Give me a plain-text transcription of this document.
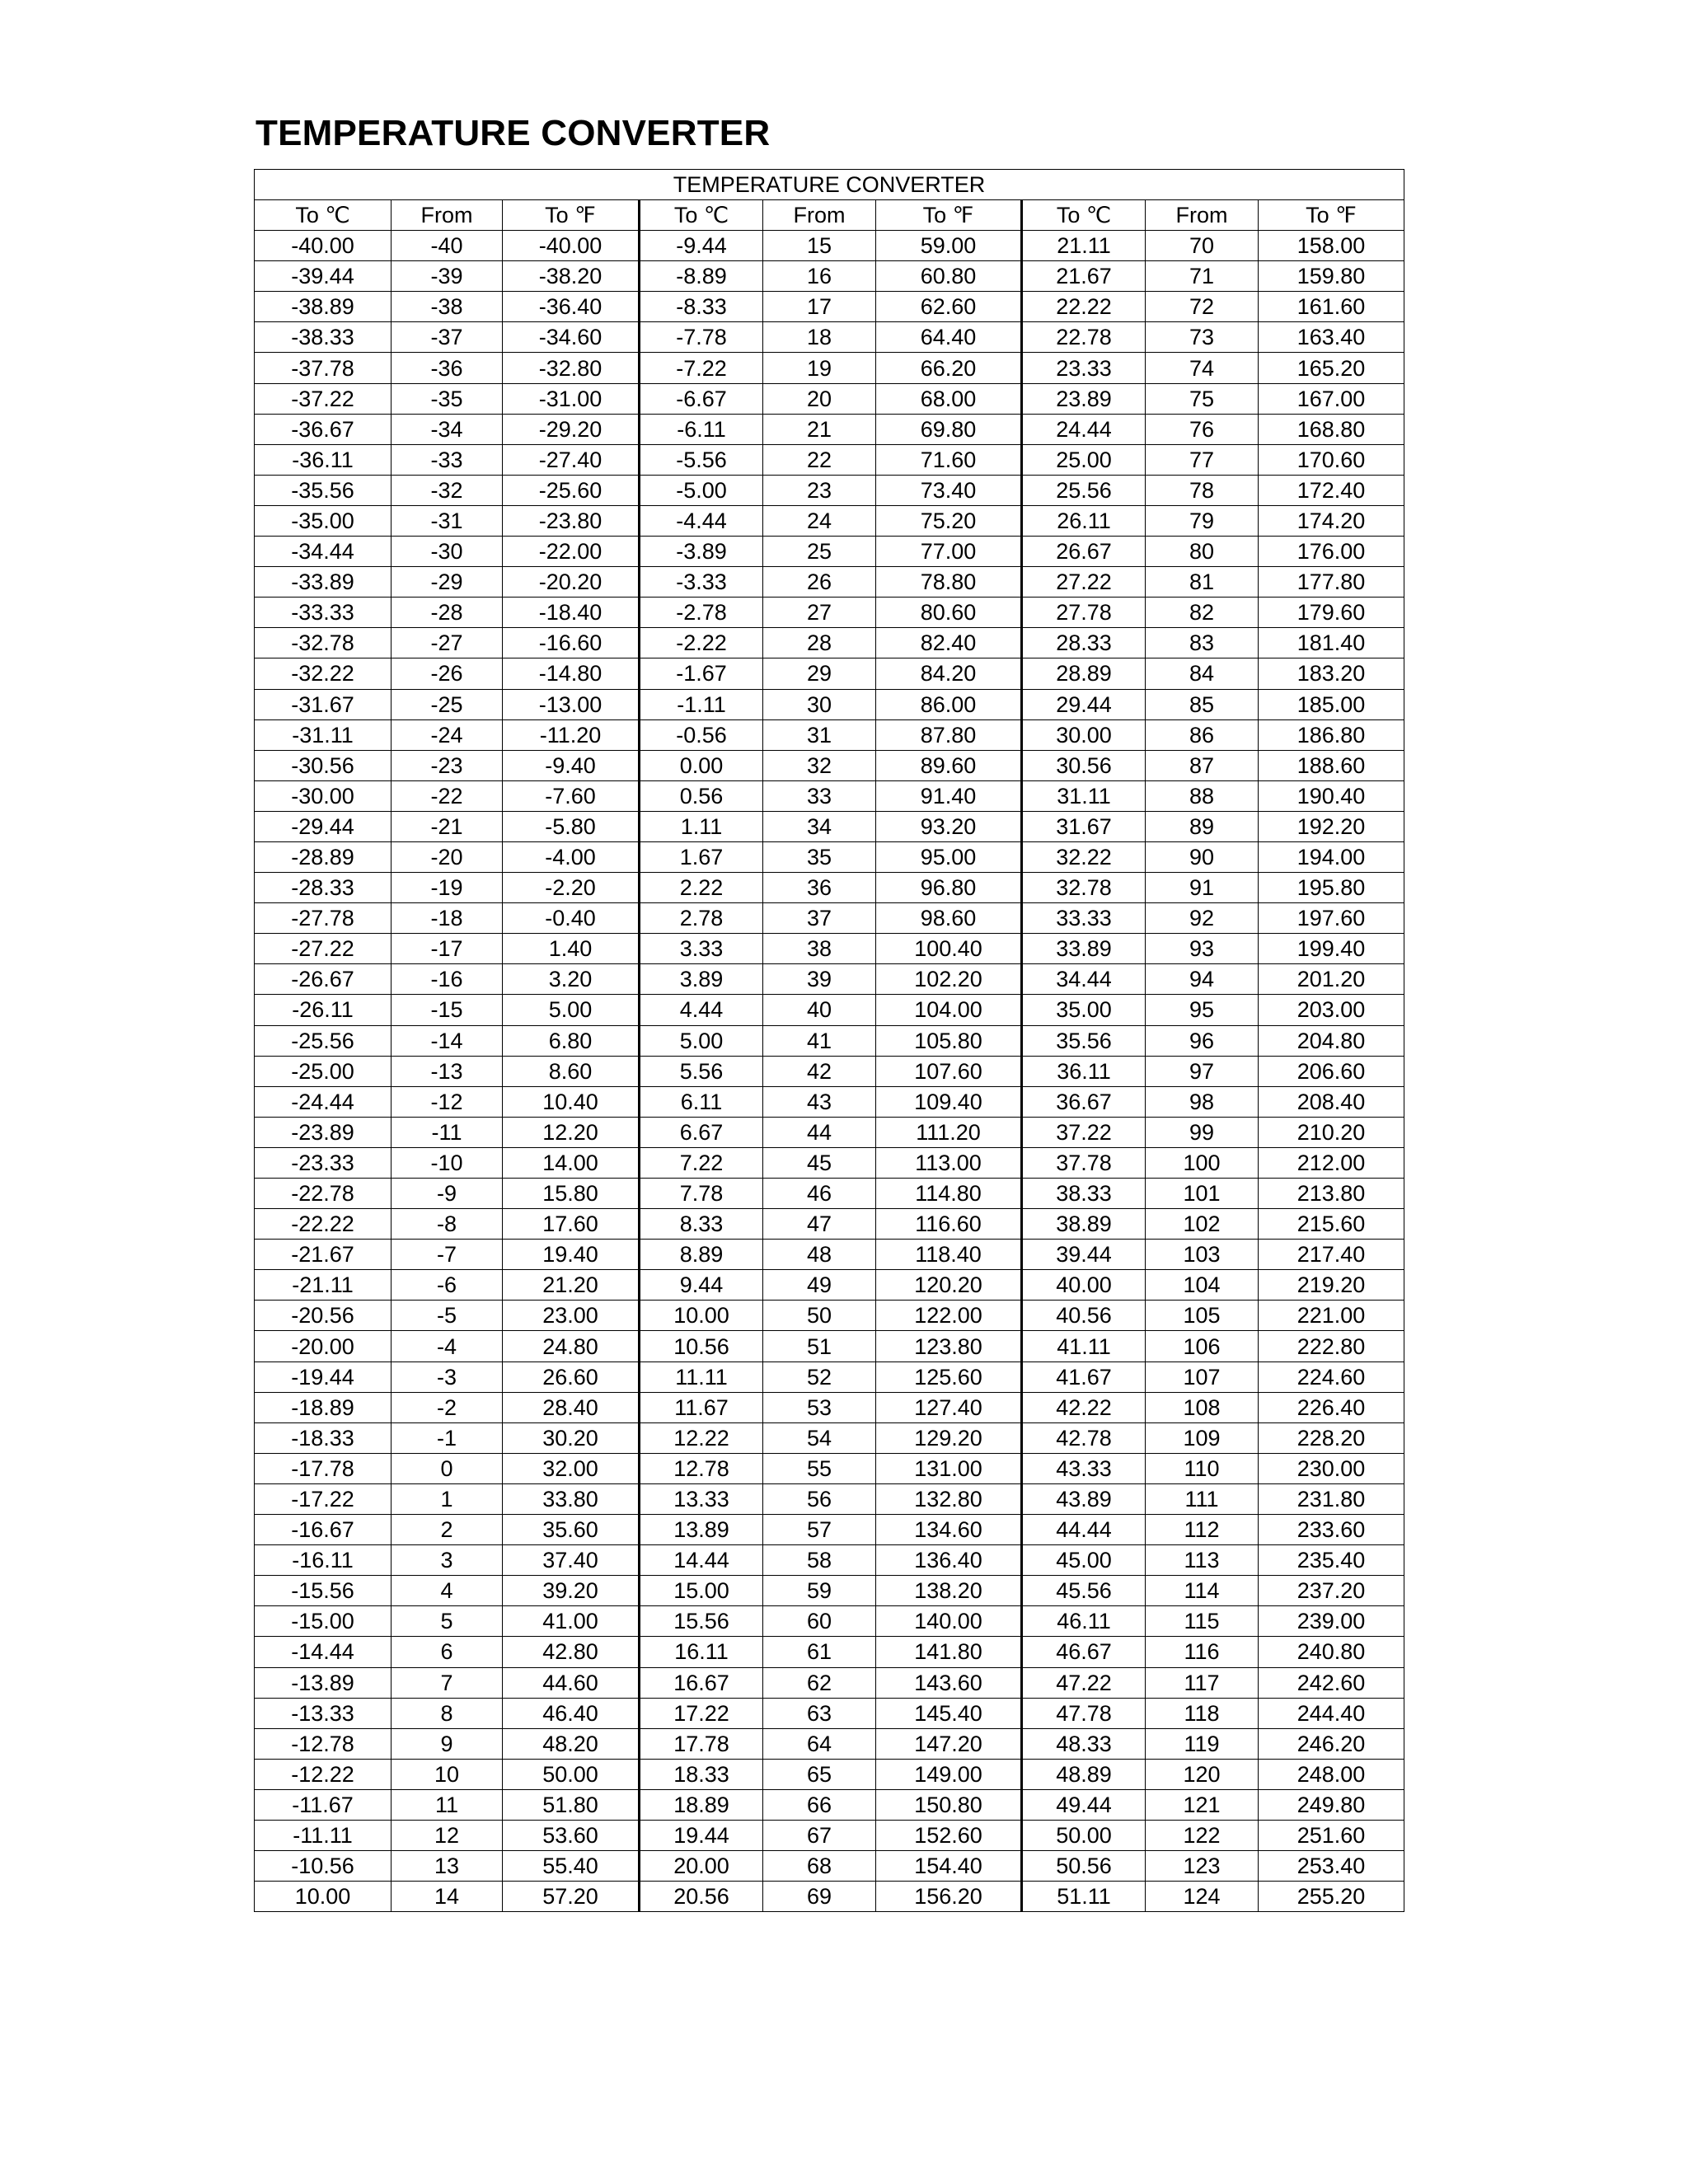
TEMPERATURE CONVERTER
TEMPERATURE CONVERTER								
To ℃	From	To ℉	To ℃	From	To ℉	To ℃	From	To ℉
-40.00	-40	-40.00	-9.44	15	59.00	21.11	70	158.00
-39.44	-39	-38.20	-8.89	16	60.80	21.67	71	159.80
-38.89	-38	-36.40	-8.33	17	62.60	22.22	72	161.60
-38.33	-37	-34.60	-7.78	18	64.40	22.78	73	163.40
-37.78	-36	-32.80	-7.22	19	66.20	23.33	74	165.20
-37.22	-35	-31.00	-6.67	20	68.00	23.89	75	167.00
-36.67	-34	-29.20	-6.11	21	69.80	24.44	76	168.80
-36.11	-33	-27.40	-5.56	22	71.60	25.00	77	170.60
-35.56	-32	-25.60	-5.00	23	73.40	25.56	78	172.40
-35.00	-31	-23.80	-4.44	24	75.20	26.11	79	174.20
-34.44	-30	-22.00	-3.89	25	77.00	26.67	80	176.00
-33.89	-29	-20.20	-3.33	26	78.80	27.22	81	177.80
-33.33	-28	-18.40	-2.78	27	80.60	27.78	82	179.60
-32.78	-27	-16.60	-2.22	28	82.40	28.33	83	181.40
-32.22	-26	-14.80	-1.67	29	84.20	28.89	84	183.20
-31.67	-25	-13.00	-1.11	30	86.00	29.44	85	185.00
-31.11	-24	-11.20	-0.56	31	87.80	30.00	86	186.80
-30.56	-23	-9.40	0.00	32	89.60	30.56	87	188.60
-30.00	-22	-7.60	0.56	33	91.40	31.11	88	190.40
-29.44	-21	-5.80	1.11	34	93.20	31.67	89	192.20
-28.89	-20	-4.00	1.67	35	95.00	32.22	90	194.00
-28.33	-19	-2.20	2.22	36	96.80	32.78	91	195.80
-27.78	-18	-0.40	2.78	37	98.60	33.33	92	197.60
-27.22	-17	1.40	3.33	38	100.40	33.89	93	199.40
-26.67	-16	3.20	3.89	39	102.20	34.44	94	201.20
-26.11	-15	5.00	4.44	40	104.00	35.00	95	203.00
-25.56	-14	6.80	5.00	41	105.80	35.56	96	204.80
-25.00	-13	8.60	5.56	42	107.60	36.11	97	206.60
-24.44	-12	10.40	6.11	43	109.40	36.67	98	208.40
-23.89	-11	12.20	6.67	44	111.20	37.22	99	210.20
-23.33	-10	14.00	7.22	45	113.00	37.78	100	212.00
-22.78	-9	15.80	7.78	46	114.80	38.33	101	213.80
-22.22	-8	17.60	8.33	47	116.60	38.89	102	215.60
-21.67	-7	19.40	8.89	48	118.40	39.44	103	217.40
-21.11	-6	21.20	9.44	49	120.20	40.00	104	219.20
-20.56	-5	23.00	10.00	50	122.00	40.56	105	221.00
-20.00	-4	24.80	10.56	51	123.80	41.11	106	222.80
-19.44	-3	26.60	11.11	52	125.60	41.67	107	224.60
-18.89	-2	28.40	11.67	53	127.40	42.22	108	226.40
-18.33	-1	30.20	12.22	54	129.20	42.78	109	228.20
-17.78	0	32.00	12.78	55	131.00	43.33	110	230.00
-17.22	1	33.80	13.33	56	132.80	43.89	111	231.80
-16.67	2	35.60	13.89	57	134.60	44.44	112	233.60
-16.11	3	37.40	14.44	58	136.40	45.00	113	235.40
-15.56	4	39.20	15.00	59	138.20	45.56	114	237.20
-15.00	5	41.00	15.56	60	140.00	46.11	115	239.00
-14.44	6	42.80	16.11	61	141.80	46.67	116	240.80
-13.89	7	44.60	16.67	62	143.60	47.22	117	242.60
-13.33	8	46.40	17.22	63	145.40	47.78	118	244.40
-12.78	9	48.20	17.78	64	147.20	48.33	119	246.20
-12.22	10	50.00	18.33	65	149.00	48.89	120	248.00
-11.67	11	51.80	18.89	66	150.80	49.44	121	249.80
-11.11	12	53.60	19.44	67	152.60	50.00	122	251.60
-10.56	13	55.40	20.00	68	154.40	50.56	123	253.40
10.00	14	57.20	20.56	69	156.20	51.11	124	255.20
